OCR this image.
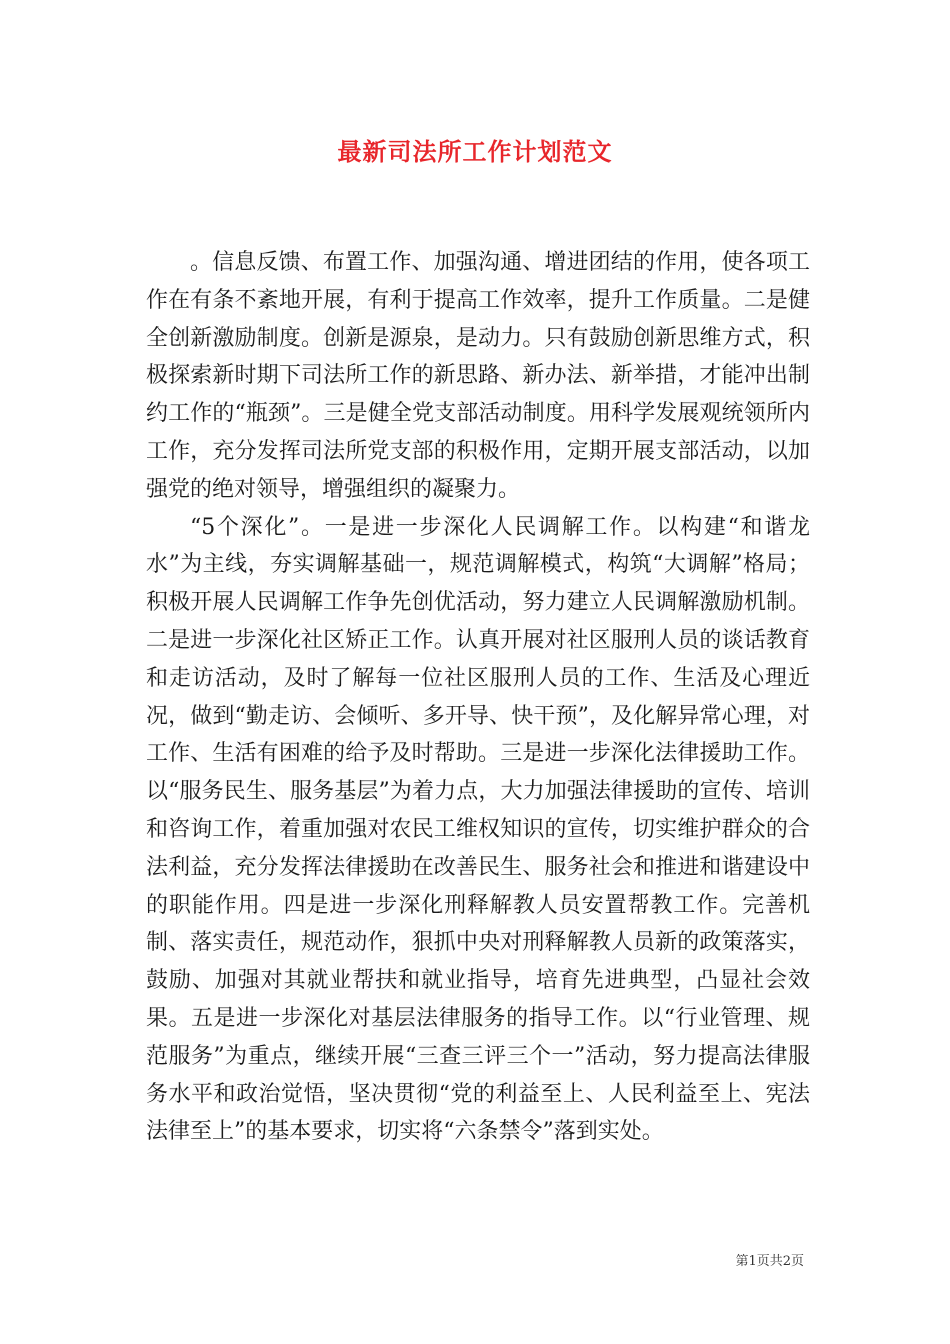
最新司法所工作计划范文

。信息反馈、布置工作、加强沟通、增进团结的作用，使各项工作在有条不紊地开展，有利于提高工作效率，提升工作质量。二是健全创新激励制度。创新是源泉，是动力。只有鼓励创新思维方式，积极探索新时期下司法所工作的新思路、新办法、新举措，才能冲出制约工作的“瓶颈”。三是健全党支部活动制度。用科学发展观统领所内工作，充分发挥司法所党支部的积极作用，定期开展支部活动，以加强党的绝对领导，增强组织的凝聚力。

“5个深化”。一是进一步深化人民调解工作。以构建“和谐龙水”为主线，夯实调解基础一，规范调解模式，构筑“大调解”格局；积极开展人民调解工作争先创优活动，努力建立人民调解激励机制。二是进一步深化社区矫正工作。认真开展对社区服刑人员的谈话教育和走访活动，及时了解每一位社区服刑人员的工作、生活及心理近况，做到“勤走访、会倾听、多开导、快干预”，及化解异常心理，对工作、生活有困难的给予及时帮助。三是进一步深化法律援助工作。以“服务民生、服务基层”为着力点，大力加强法律援助的宣传、培训和咨询工作，着重加强对农民工维权知识的宣传，切实维护群众的合法利益，充分发挥法律援助在改善民生、服务社会和推进和谐建设中的职能作用。四是进一步深化刑释解教人员安置帮教工作。完善机制、落实责任，规范动作，狠抓中央对刑释解教人员新的政策落实，鼓励、加强对其就业帮扶和就业指导，培育先进典型，凸显社会效果。五是进一步深化对基层法律服务的指导工作。以“行业管理、规范服务”为重点，继续开展“三查三评三个一”活动，努力提高法律服务水平和政治觉悟，坚决贯彻“党的利益至上、人民利益至上、宪法法律至上”的基本要求，切实将“六条禁令”落到实处。

第1页共2页
